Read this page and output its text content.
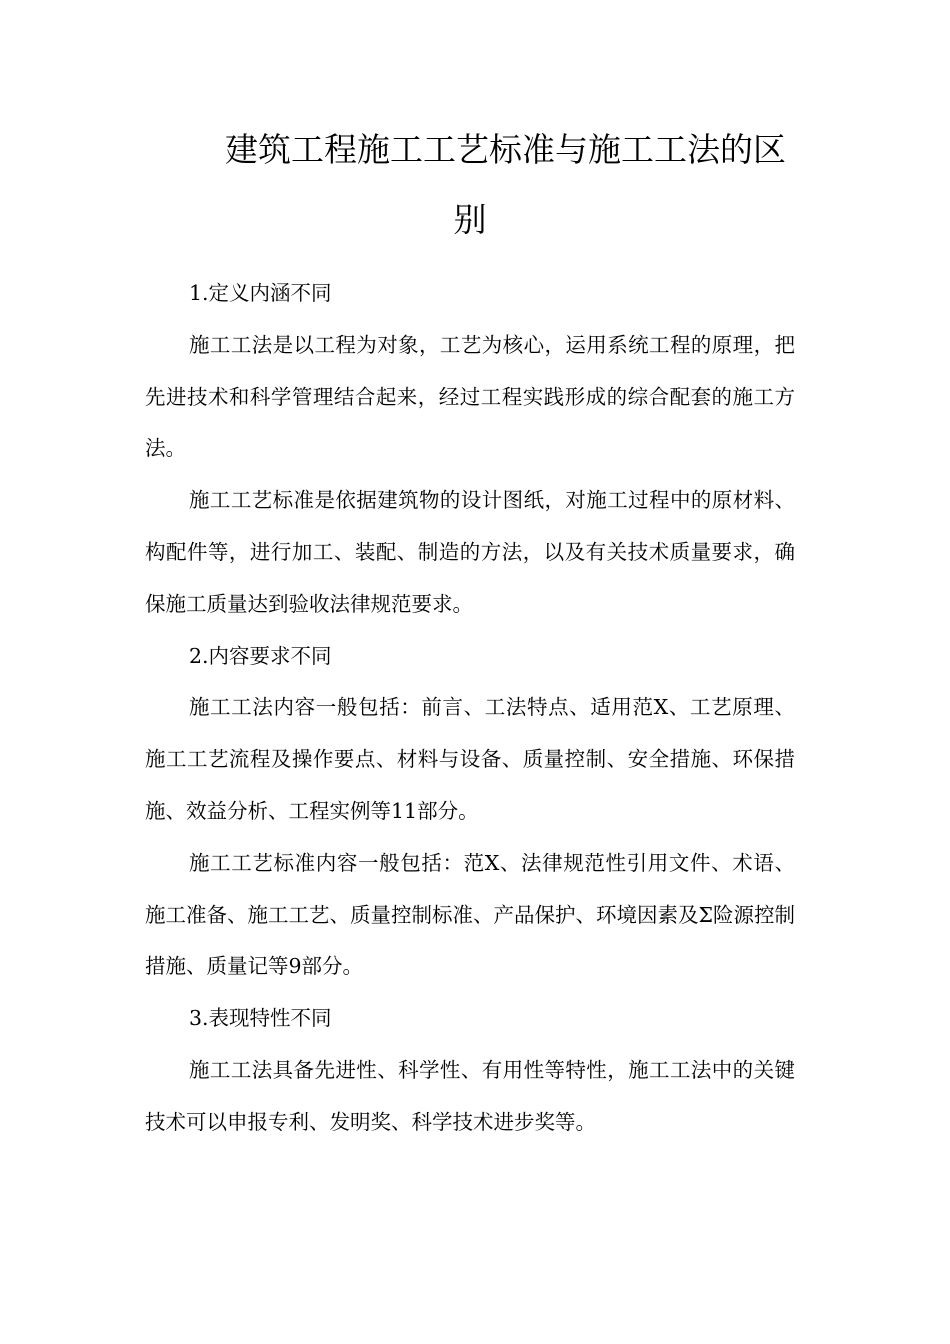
建筑工程施工工艺标准与施工工法的区
别

1.定义内涵不同

施工工法是以工程为对象，工艺为核心，运用系统工程的原理，把先进技术和科学管理结合起来，经过工程实践形成的综合配套的施工方法。

施工工艺标准是依据建筑物的设计图纸，对施工过程中的原材料、构配件等，进行加工、装配、制造的方法，以及有关技术质量要求，确保施工质量达到验收法律规范要求。

2.内容要求不同

施工工法内容一般包括：前言、工法特点、适用范X、工艺原理、施工工艺流程及操作要点、材料与设备、质量控制、安全措施、环保措施、效益分析、工程实例等11部分。

施工工艺标准内容一般包括：范X、法律规范性引用文件、术语、施工准备、施工工艺、质量控制标准、产品保护、环境因素及Σ险源控制措施、质量记等9部分。

3.表现特性不同

施工工法具备先进性、科学性、有用性等特性，施工工法中的关键技术可以申报专利、发明奖、科学技术进步奖等。
